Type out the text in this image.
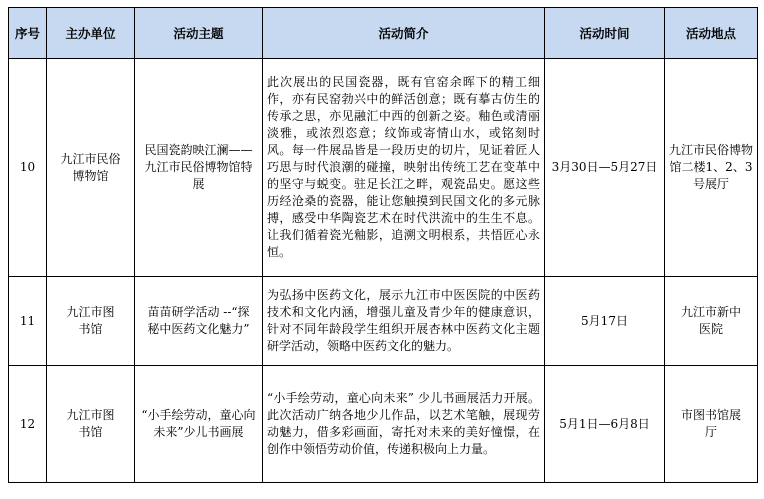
序号	主办单位	活动主题	活动简介	活动时间	活动地点
10	九江市民俗博物馆	民国瓷韵映江澜——九江市民俗博物馆特展	此次展出的民国瓷器，既有官窑余晖下的精工细作，亦有民窑勃兴中的鲜活创意；既有摹古仿生的传承之思，亦见融汇中西的创新之姿。釉色或清丽淡雅，或浓烈恣意；纹饰或寄情山水，或铭刻时风。每一件展品皆是一段历史的切片，见证着匠人巧思与时代浪潮的碰撞，映射出传统工艺在变革中的坚守与蜕变。驻足长江之畔，观瓷品史。愿这些历经沧桑的瓷器，能让您触摸到民国文化的多元脉搏，感受中华陶瓷艺术在时代洪流中的生生不息。让我们循着瓷光釉影，追溯文明根系，共悟匠心永恒。	3月30日—5月27日	九江市民俗博物馆二楼1、2、3号展厅
11	九江市图书馆	苗苗研学活动 --“探秘中医药文化魅力”	为弘扬中医药文化，展示九江市中医医院的中医药技术和文化内涵，增强儿童及青少年的健康意识，针对不同年龄段学生组织开展杏林中医药文化主题研学活动，领略中医药文化的魅力。	5月17日	九江市新中医院
12	九江市图书馆	“小手绘劳动，童心向未来”少儿书画展	“小手绘劳动，童心向未来” 少儿书画展活力开展。此次活动广纳各地少儿作品，以艺术笔触，展现劳动魅力，借多彩画面，寄托对未来的美好憧憬，在创作中领悟劳动价值，传递积极向上力量。	5月1日—6月8日	市图书馆展厅
